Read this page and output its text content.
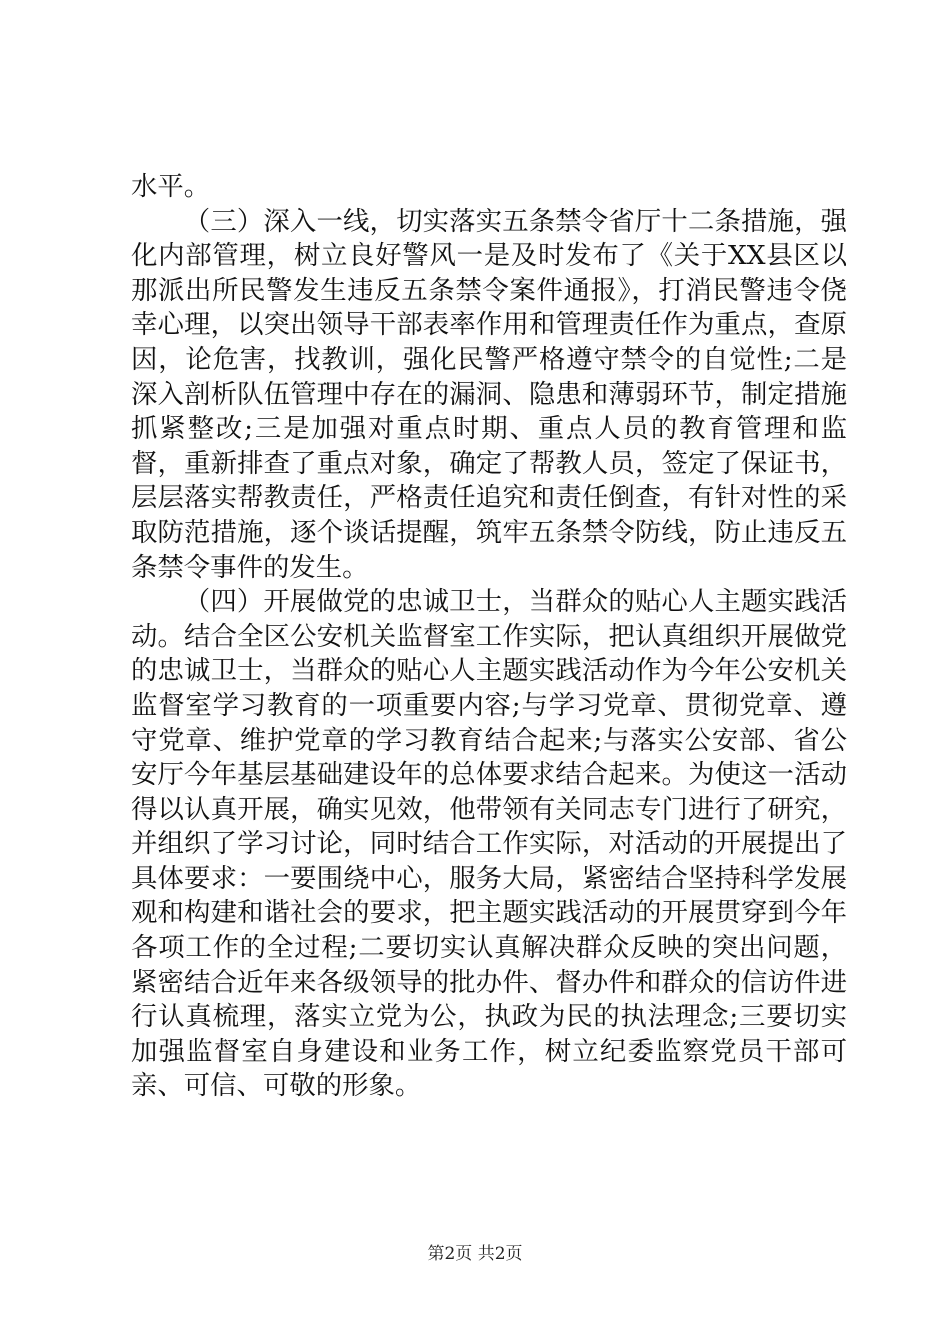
水平。

（三）深入一线，切实落实五条禁令省厅十二条措施，强化内部管理，树立良好警风一是及时发布了《关于XX县区以那派出所民警发生违反五条禁令案件通报》，打消民警违令侥幸心理，以突出领导干部表率作用和管理责任作为重点，查原因，论危害，找教训，强化民警严格遵守禁令的自觉性;二是深入剖析队伍管理中存在的漏洞、隐患和薄弱环节，制定措施抓紧整改;三是加强对重点时期、重点人员的教育管理和监督，重新排查了重点对象，确定了帮教人员，签定了保证书，层层落实帮教责任，严格责任追究和责任倒查，有针对性的采取防范措施，逐个谈话提醒，筑牢五条禁令防线，防止违反五条禁令事件的发生。

（四）开展做党的忠诚卫士，当群众的贴心人主题实践活动。结合全区公安机关监督室工作实际，把认真组织开展做党的忠诚卫士，当群众的贴心人主题实践活动作为今年公安机关监督室学习教育的一项重要内容;与学习党章、贯彻党章、遵守党章、维护党章的学习教育结合起来;与落实公安部、省公安厅今年基层基础建设年的总体要求结合起来。为使这一活动得以认真开展，确实见效，他带领有关同志专门进行了研究，并组织了学习讨论，同时结合工作实际，对活动的开展提出了具体要求：一要围绕中心，服务大局，紧密结合坚持科学发展观和构建和谐社会的要求，把主题实践活动的开展贯穿到今年各项工作的全过程;二要切实认真解决群众反映的突出问题，紧密结合近年来各级领导的批办件、督办件和群众的信访件进行认真梳理，落实立党为公，执政为民的执法理念;三要切实加强监督室自身建设和业务工作，树立纪委监察党员干部可亲、可信、可敬的形象。

第2页 共2页
